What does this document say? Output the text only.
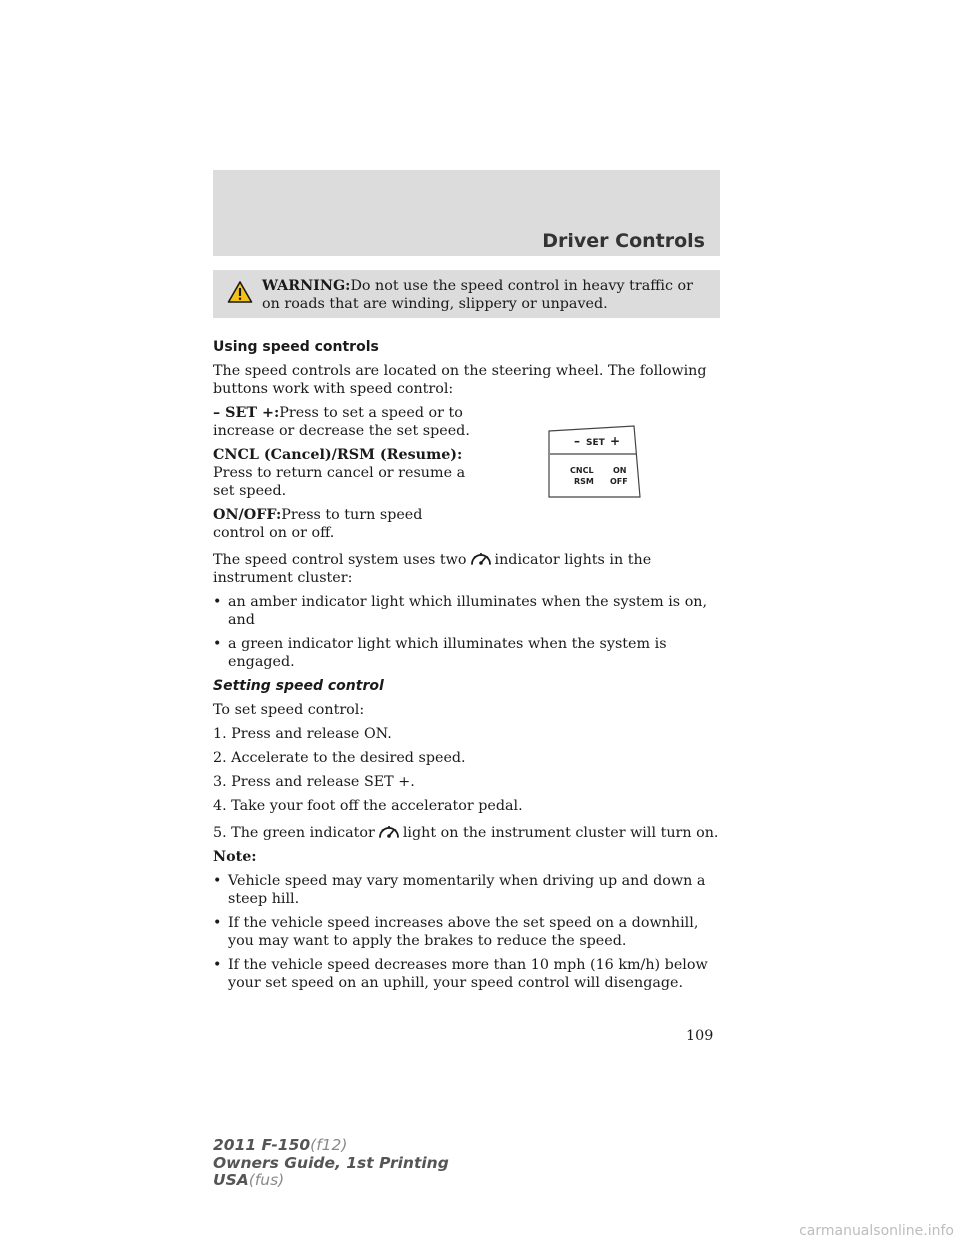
Driver Controls
WARNING:Do not use the speed control in heavy traffic or on roads that are winding, slippery or unpaved.

Using speed controls

The speed controls are located on the steering wheel. The following buttons work with speed control:

– SET +:Press to set a speed or to increase or decrease the set speed.

CNCL (Cancel)/RSM (Resume): Press to return cancel or resume a set speed.

ON/OFF:Press to turn speed control on or off.

The speed control system uses two indicator lights in the instrument cluster:

• an amber indicator light which illuminates when the system is on, and
• a green indicator light which illuminates when the system is engaged.

Setting speed control

To set speed control:

1. Press and release ON.

2. Accelerate to the desired speed.

3. Press and release SET +.

4. Take your foot off the accelerator pedal.

5. The green indicator light on the instrument cluster will turn on.

Note:

• Vehicle speed may vary momentarily when driving up and down a steep hill.
• If the vehicle speed increases above the set speed on a downhill, you may want to apply the brakes to reduce the speed.
• If the vehicle speed decreases more than 10 mph (16 km/h) below your set speed on an uphill, your speed control will disengage.
– SET +
CNCL
RSM
ON
OFF
109
2011 F-150(f12)
Owners Guide, 1st Printing
USA(fus)
carmanualsonline.info
